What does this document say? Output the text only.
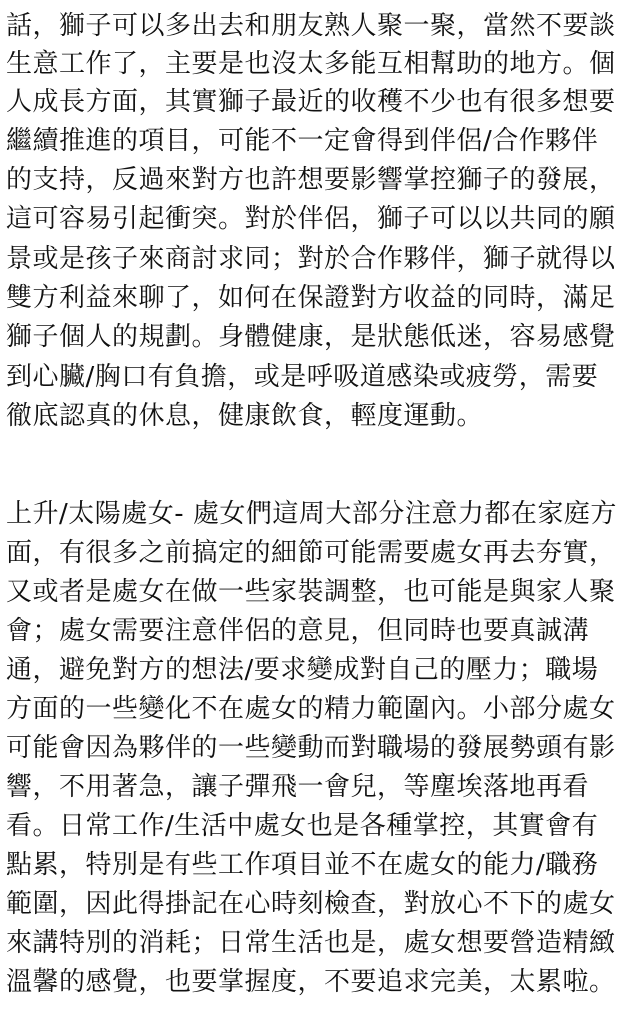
話，獅子可以多出去和朋友熟人聚一聚，當然不要談
生意工作了，主要是也沒太多能互相幫助的地方。個
人成長方面，其實獅子最近的收穫不少也有很多想要
繼續推進的項目，可能不一定會得到伴侶/合作夥伴
的支持，反過來對方也許想要影響掌控獅子的發展，
這可容易引起衝突。對於伴侶，獅子可以以共同的願
景或是孩子來商討求同；對於合作夥伴，獅子就得以
雙方利益來聊了，如何在保證對方收益的同時，滿足
獅子個人的規劃。身體健康，是狀態低迷，容易感覺
到心臟/胸口有負擔，或是呼吸道感染或疲勞，需要
徹底認真的休息，健康飲食，輕度運動。
上升/太陽處女- 處女們這周大部分注意力都在家庭方
面，有很多之前搞定的細節可能需要處女再去夯實，
又或者是處女在做一些家裝調整，也可能是與家人聚
會；處女需要注意伴侶的意見，但同時也要真誠溝
通，避免對方的想法/要求變成對自己的壓力；職場
方面的一些變化不在處女的精力範圍內。小部分處女
可能會因為夥伴的一些變動而對職場的發展勢頭有影
響，不用著急，讓子彈飛一會兒，等塵埃落地再看
看。日常工作/生活中處女也是各種掌控，其實會有
點累，特別是有些工作項目並不在處女的能力/職務
範圍，因此得掛記在心時刻檢查，對放心不下的處女
來講特別的消耗；日常生活也是，處女想要營造精緻
溫馨的感覺，也要掌握度，不要追求完美，太累啦。
